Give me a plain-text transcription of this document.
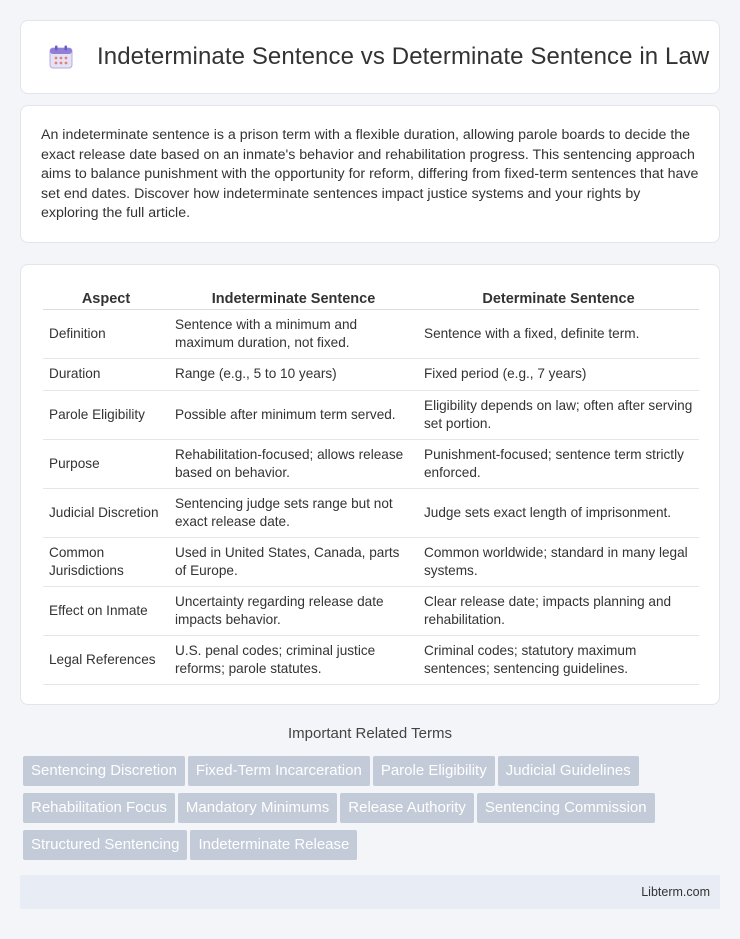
Indeterminate Sentence vs Determinate Sentence in Law

An indeterminate sentence is a prison term with a flexible duration, allowing parole boards to decide the exact release date based on an inmate's behavior and rehabilitation progress. This sentencing approach aims to balance punishment with the opportunity for reform, differing from fixed-term sentences that have set end dates. Discover how indeterminate sentences impact justice systems and your rights by exploring the full article.

Aspect	Indeterminate Sentence	Determinate Sentence
Definition	Sentence with a minimum and maximum duration, not fixed.	Sentence with a fixed, definite term.
Duration	Range (e.g., 5 to 10 years)	Fixed period (e.g., 7 years)
Parole Eligibility	Possible after minimum term served.	Eligibility depends on law; often after serving set portion.
Purpose	Rehabilitation-focused; allows release based on behavior.	Punishment-focused; sentence term strictly enforced.
Judicial Discretion	Sentencing judge sets range but not exact release date.	Judge sets exact length of imprisonment.
Common Jurisdictions	Used in United States, Canada, parts of Europe.	Common worldwide; standard in many legal systems.
Effect on Inmate	Uncertainty regarding release date impacts behavior.	Clear release date; impacts planning and rehabilitation.
Legal References	U.S. penal codes; criminal justice reforms; parole statutes.	Criminal codes; statutory maximum sentences; sentencing guidelines.
Important Related Terms
Sentencing Discretion Fixed-Term Incarceration Parole Eligibility Judicial Guidelines Rehabilitation Focus Mandatory Minimums Release Authority Sentencing Commission Structured Sentencing Indeterminate Release
Libterm.com
